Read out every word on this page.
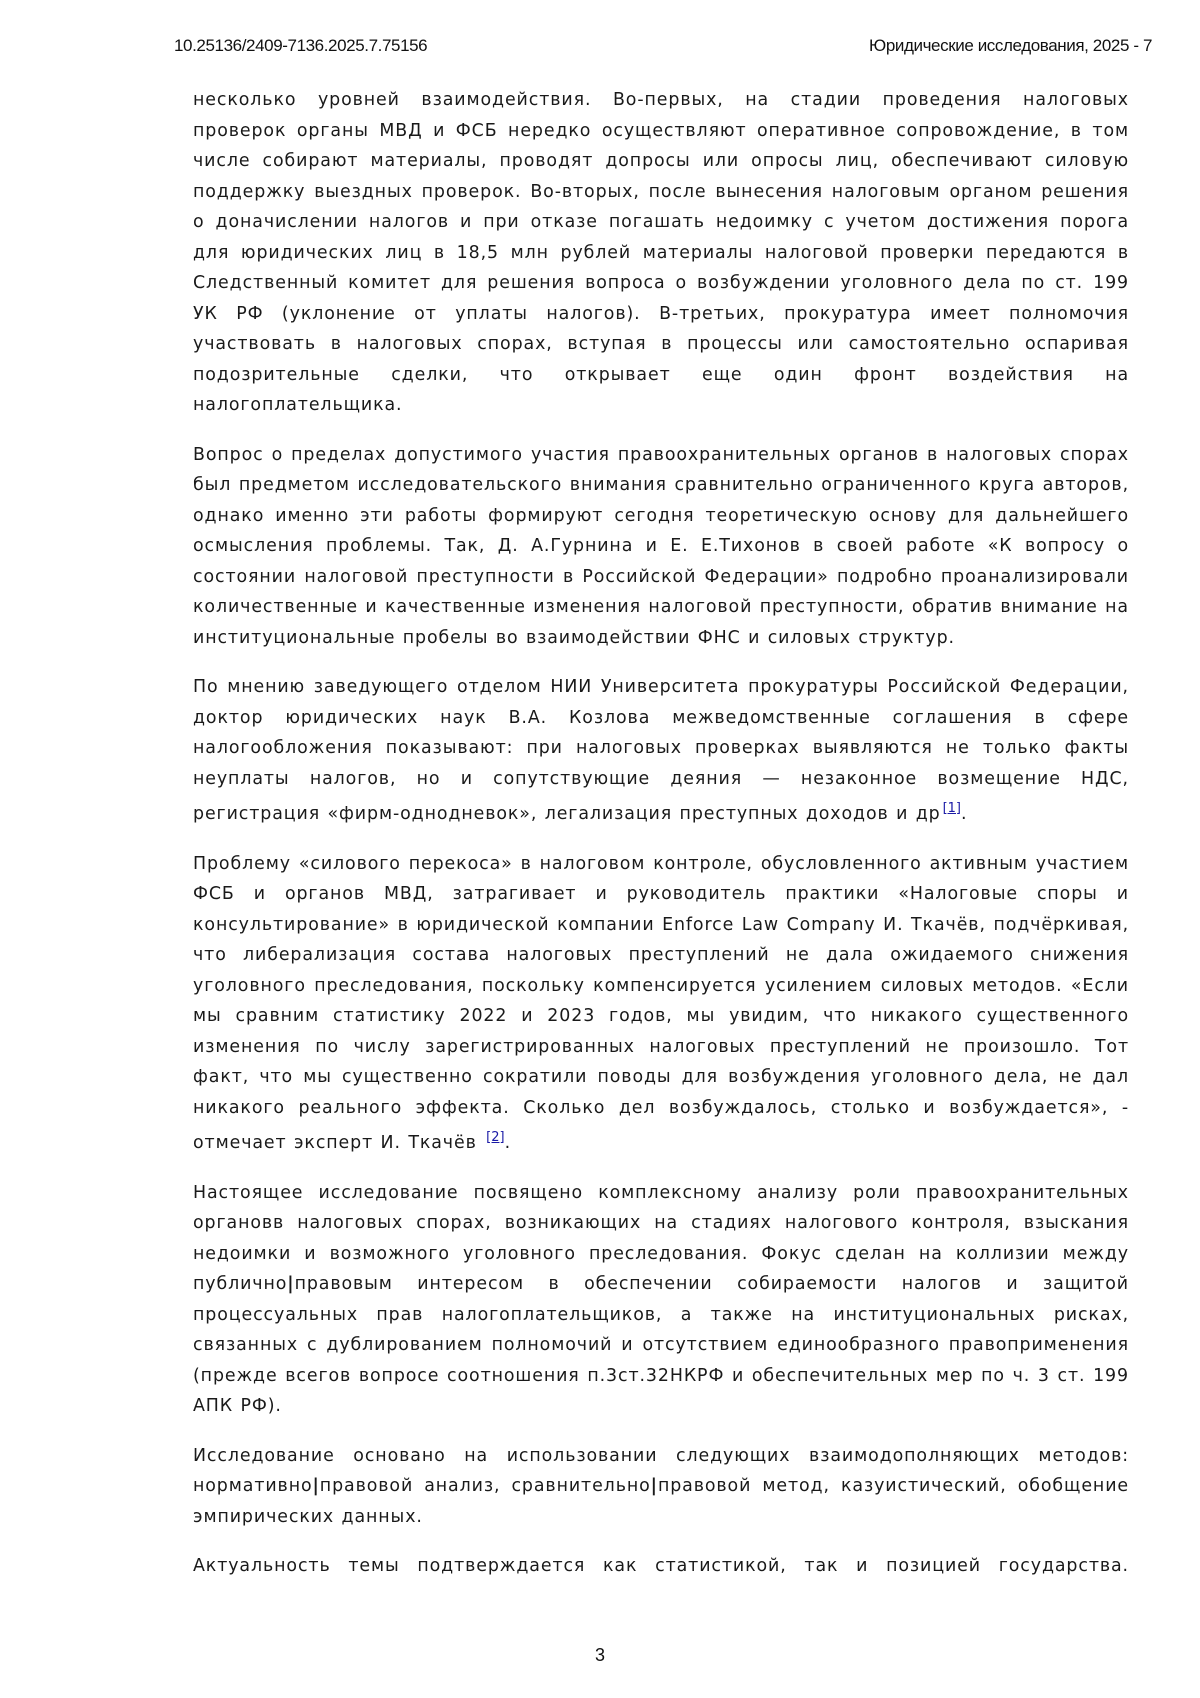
10.25136/2409-7136.2025.7.75156	Юридические исследования, 2025 - 7

несколько уровней взаимодействия. Во-первых, на стадии проведения налоговых проверок органы МВД и ФСБ нередко осуществляют оперативное сопровождение, в том числе собирают материалы, проводят допросы или опросы лиц, обеспечивают силовую поддержку выездных проверок. Во-вторых, после вынесения налоговым органом решения о доначислении налогов и при отказе погашать недоимку с учетом достижения порога для юридических лиц в 18,5 млн рублей материалы налоговой проверки передаются в Следственный комитет для решения вопроса о возбуждении уголовного дела по ст. 199 УК РФ (уклонение от уплаты налогов). В-третьих, прокуратура имеет полномочия участвовать в налоговых спорах, вступая в процессы или самостоятельно оспаривая подозрительные сделки, что открывает еще один фронт воздействия на налогоплательщика.

Вопрос о пределах допустимого участия правоохранительных органов в налоговых спорах был предметом исследовательского внимания сравнительно ограниченного круга авторов, однако именно эти работы формируют сегодня теоретическую основу для дальнейшего осмысления проблемы. Так, Д. А.Гурнина и Е. Е.Тихонов в своей работе «К вопросу о состоянии налоговой преступности в Российской Федерации» подробно проанализировали количественные и качественные изменения налоговой преступности, обратив внимание на институциональные пробелы во взаимодействии ФНС и силовых структур.

По мнению заведующего отделом НИИ Университета прокуратуры Российской Федерации, доктор юридических наук В.А. Козлова межведомственные соглашения в сфере налогообложения показывают: при налоговых проверках выявляются не только факты неуплаты налогов, но и сопутствующие деяния — незаконное возмещение НДС, регистрация «фирм-однодневок», легализация преступных доходов и др [1].

Проблему «силового перекоса» в налоговом контроле, обусловленного активным участием ФСБ и органов МВД, затрагивает и руководитель практики «Налоговые споры и консультирование» в юридической компании Enforce Law Company И. Ткачёв, подчёркивая, что либерализация состава налоговых преступлений не дала ожидаемого снижения уголовного преследования, поскольку компенсируется усилением силовых методов. «Если мы сравним статистику 2022 и 2023 годов, мы увидим, что никакого существенного изменения по числу зарегистрированных налоговых преступлений не произошло. Тот факт, что мы существенно сократили поводы для возбуждения уголовного дела, не дал никакого реального эффекта. Сколько дел возбуждалось, столько и возбуждается», - отмечает эксперт И. Ткачёв [2].

Настоящее исследование посвящено комплексному анализу роли правоохранительных органовв налоговых спорах, возникающих на стадиях налогового контроля, взыскания недоимки и возможного уголовного преследования. Фокус сделан на коллизии между публично|правовым интересом в обеспечении собираемости налогов и защитой процессуальных прав налогоплательщиков, а также на институциональных рисках, связанных с дублированием полномочий и отсутствием единообразного правоприменения (прежде всегов вопросе соотношения п.3ст.32НКРФ и обеспечительных мер по ч. 3 ст. 199 АПК РФ).

Исследование основано на использовании следующих взаимодополняющих методов: нормативно|правовой анализ, сравнительно|правовой метод, казуистический, обобщение эмпирических данных.

Актуальность темы подтверждается как статистикой, так и позицией государства.

3
